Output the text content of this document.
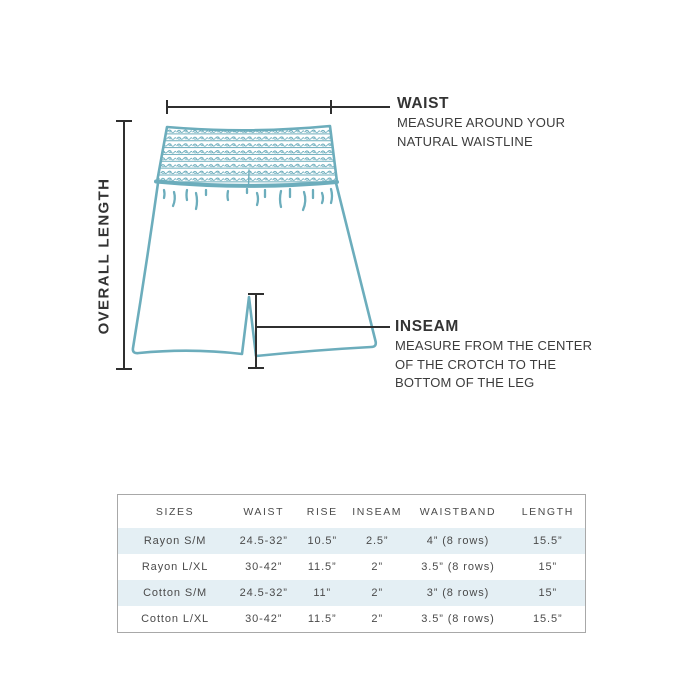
WAIST
MEASURE AROUND YOUR
NATURAL WAISTLINE
INSEAM
MEASURE FROM THE CENTER
OF THE CROTCH TO THE
BOTTOM OF THE LEG
OVERALL LENGTH
SIZES	WAIST	RISE	INSEAM	WAISTBAND	LENGTH
Rayon S/M	24.5-32”	10.5”	2.5”	4” (8 rows)	15.5”
Rayon L/XL	30-42”	11.5”	2”	3.5” (8 rows)	15”
Cotton S/M	24.5-32”	11”	2”	3” (8 rows)	15”
Cotton L/XL	30-42”	11.5”	2”	3.5” (8 rows)	15.5”
